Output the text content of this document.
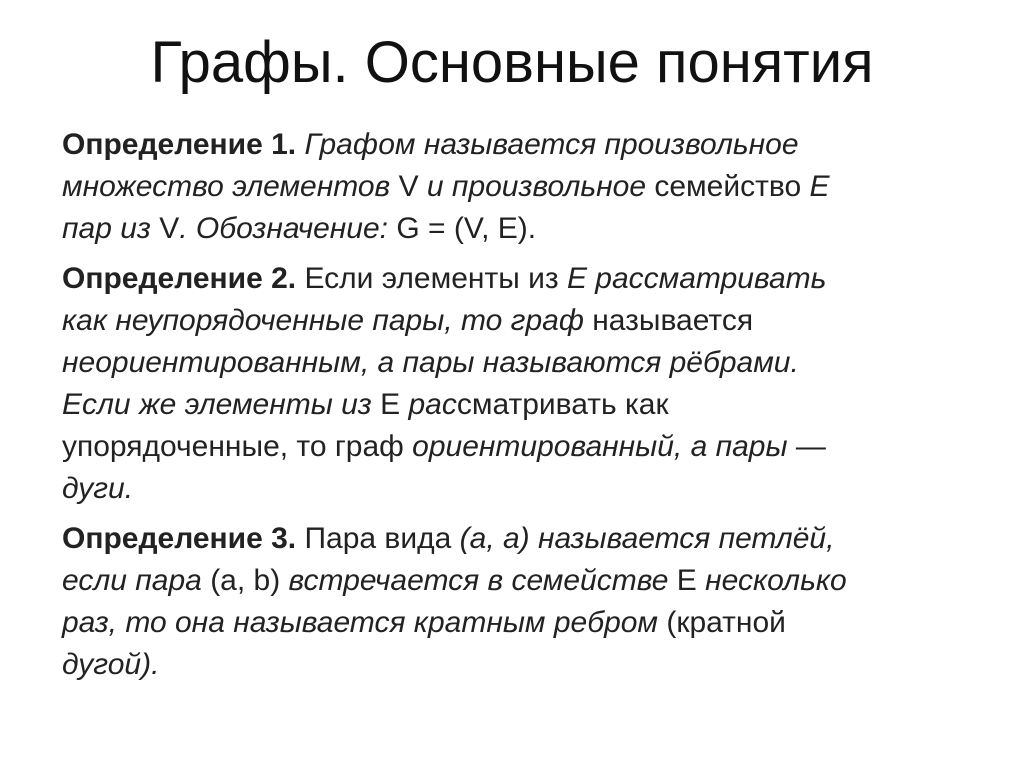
Графы. Основные понятия
Определение 1. Графом называется произвольное
множество элементов V и произвольное семейство E
пар из V. Обозначение: G = (V, E).
Определение 2. Если элементы из E рассматривать
как неупорядоченные пары, то граф называется
неориентированным, а пары называются рёбрами.
Если же элементы из E рассматривать как
упорядоченные, то граф ориентированный, а пары —
дуги.
Определение 3. Пара вида (a, a) называется петлёй,
если пара (a, b) встречается в семействе E несколько
раз, то она называется кратным ребром (кратной
дугой).
